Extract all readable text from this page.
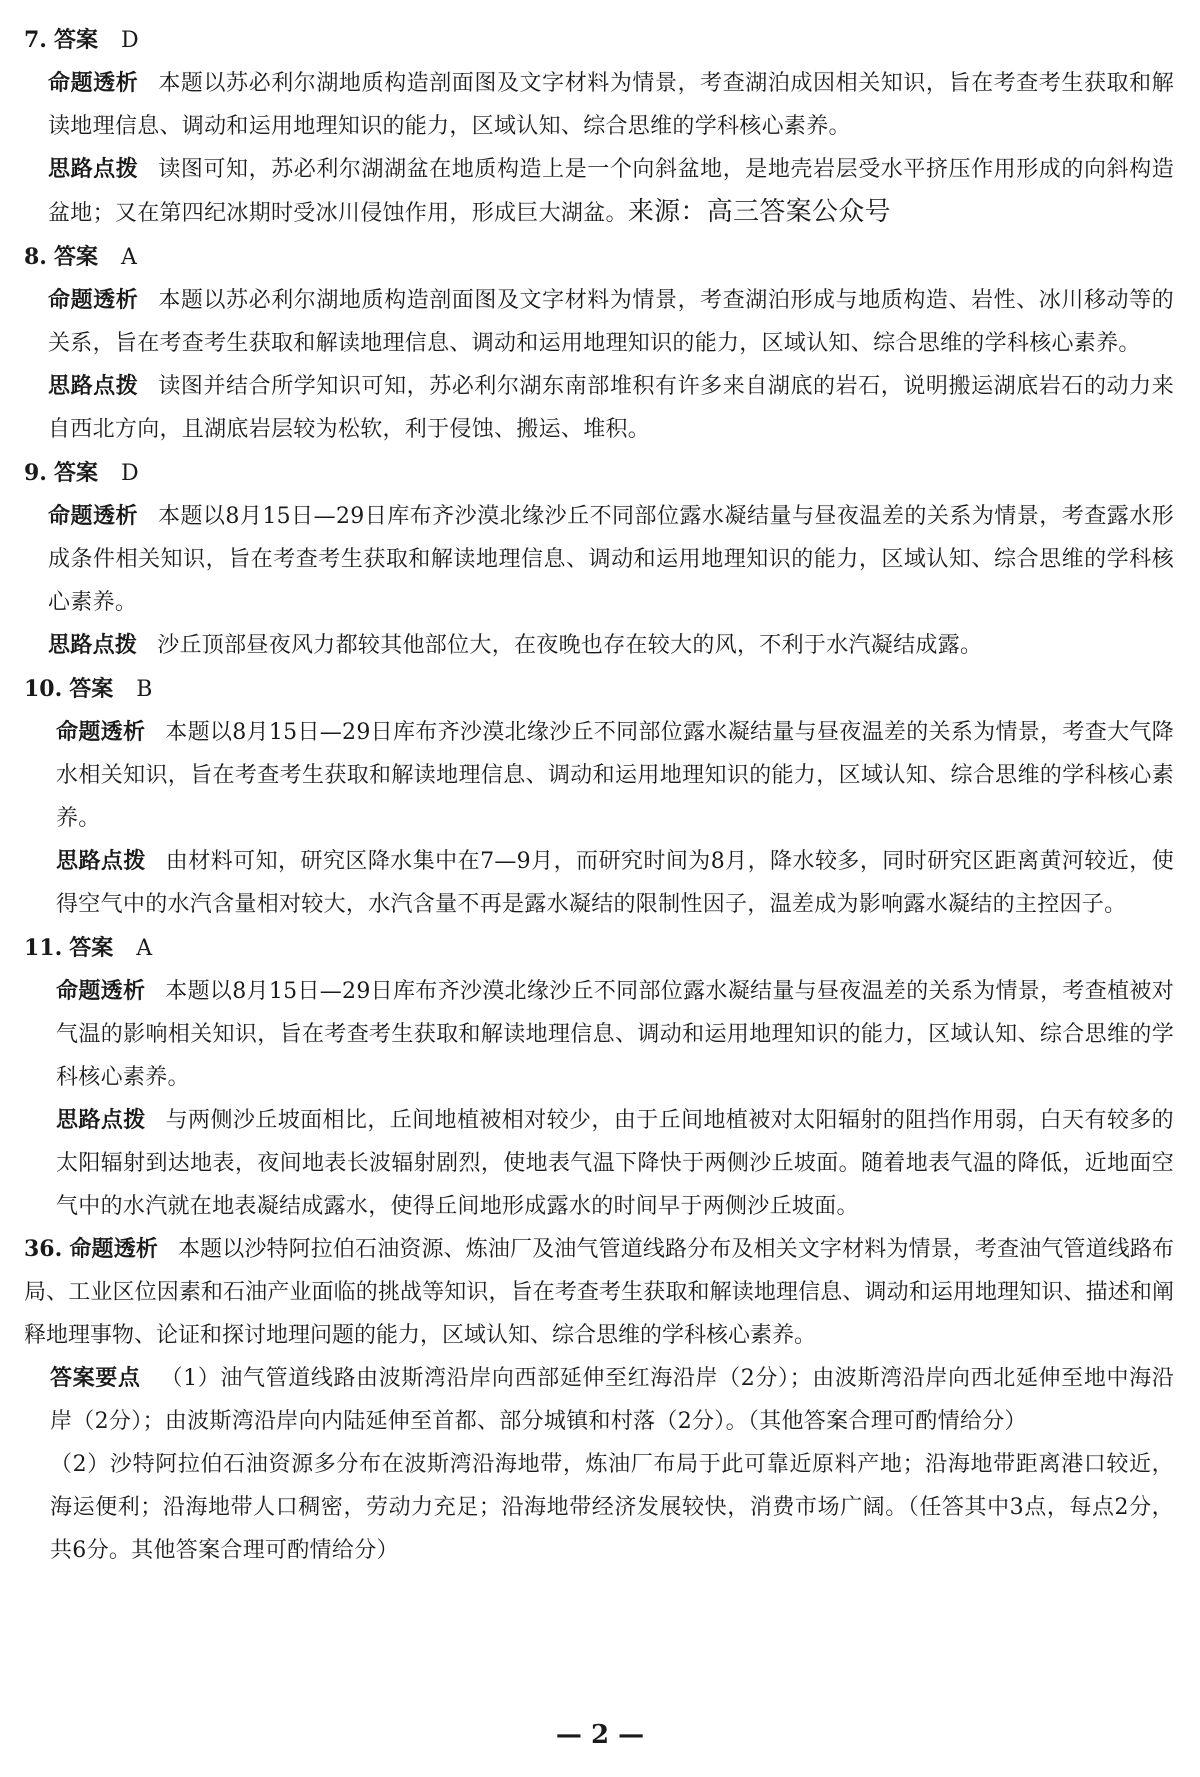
7. 答案 D
命题透析 本题以苏必利尔湖地质构造剖面图及文字材料为情景，考查湖泊成因相关知识，旨在考查考生获取和解读地理信息、调动和运用地理知识的能力，区域认知、综合思维的学科核心素养。
思路点拨 读图可知，苏必利尔湖湖盆在地质构造上是一个向斜盆地，是地壳岩层受水平挤压作用形成的向斜构造盆地；又在第四纪冰期时受冰川侵蚀作用，形成巨大湖盆。来源：高三答案公众号
8. 答案 A
命题透析 本题以苏必利尔湖地质构造剖面图及文字材料为情景，考查湖泊形成与地质构造、岩性、冰川移动等的关系，旨在考查考生获取和解读地理信息、调动和运用地理知识的能力，区域认知、综合思维的学科核心素养。
思路点拨 读图并结合所学知识可知，苏必利尔湖东南部堆积有许多来自湖底的岩石，说明搬运湖底岩石的动力来自西北方向，且湖底岩层较为松软，利于侵蚀、搬运、堆积。
9. 答案 D
命题透析 本题以8月15日—29日库布齐沙漠北缘沙丘不同部位露水凝结量与昼夜温差的关系为情景，考查露水形成条件相关知识，旨在考查考生获取和解读地理信息、调动和运用地理知识的能力，区域认知、综合思维的学科核心素养。
思路点拨 沙丘顶部昼夜风力都较其他部位大，在夜晚也存在较大的风，不利于水汽凝结成露。
10. 答案 B
命题透析 本题以8月15日—29日库布齐沙漠北缘沙丘不同部位露水凝结量与昼夜温差的关系为情景，考查大气降水相关知识，旨在考查考生获取和解读地理信息、调动和运用地理知识的能力，区域认知、综合思维的学科核心素养。
思路点拨 由材料可知，研究区降水集中在7—9月，而研究时间为8月，降水较多，同时研究区距离黄河较近，使得空气中的水汽含量相对较大，水汽含量不再是露水凝结的限制性因子，温差成为影响露水凝结的主控因子。
11. 答案 A
命题透析 本题以8月15日—29日库布齐沙漠北缘沙丘不同部位露水凝结量与昼夜温差的关系为情景，考查植被对气温的影响相关知识，旨在考查考生获取和解读地理信息、调动和运用地理知识的能力，区域认知、综合思维的学科核心素养。
思路点拨 与两侧沙丘坡面相比，丘间地植被相对较少，由于丘间地植被对太阳辐射的阻挡作用弱，白天有较多的太阳辐射到达地表，夜间地表长波辐射剧烈，使地表气温下降快于两侧沙丘坡面。随着地表气温的降低，近地面空气中的水汽就在地表凝结成露水，使得丘间地形成露水的时间早于两侧沙丘坡面。
36. 命题透析 本题以沙特阿拉伯石油资源、炼油厂及油气管道线路分布及相关文字材料为情景，考查油气管道线路布局、工业区位因素和石油产业面临的挑战等知识，旨在考查考生获取和解读地理信息、调动和运用地理知识、描述和阐释地理事物、论证和探讨地理问题的能力，区域认知、综合思维的学科核心素养。
答案要点 （1）油气管道线路由波斯湾沿岸向西部延伸至红海沿岸（2分）；由波斯湾沿岸向西北延伸至地中海沿岸（2分）；由波斯湾沿岸向内陆延伸至首都、部分城镇和村落（2分）。（其他答案合理可酌情给分）
（2）沙特阿拉伯石油资源多分布在波斯湾沿海地带，炼油厂布局于此可靠近原料产地；沿海地带距离港口较近，海运便利；沿海地带人口稠密，劳动力充足；沿海地带经济发展较快，消费市场广阔。（任答其中3点，每点2分，共6分。其他答案合理可酌情给分）
— 2 —
